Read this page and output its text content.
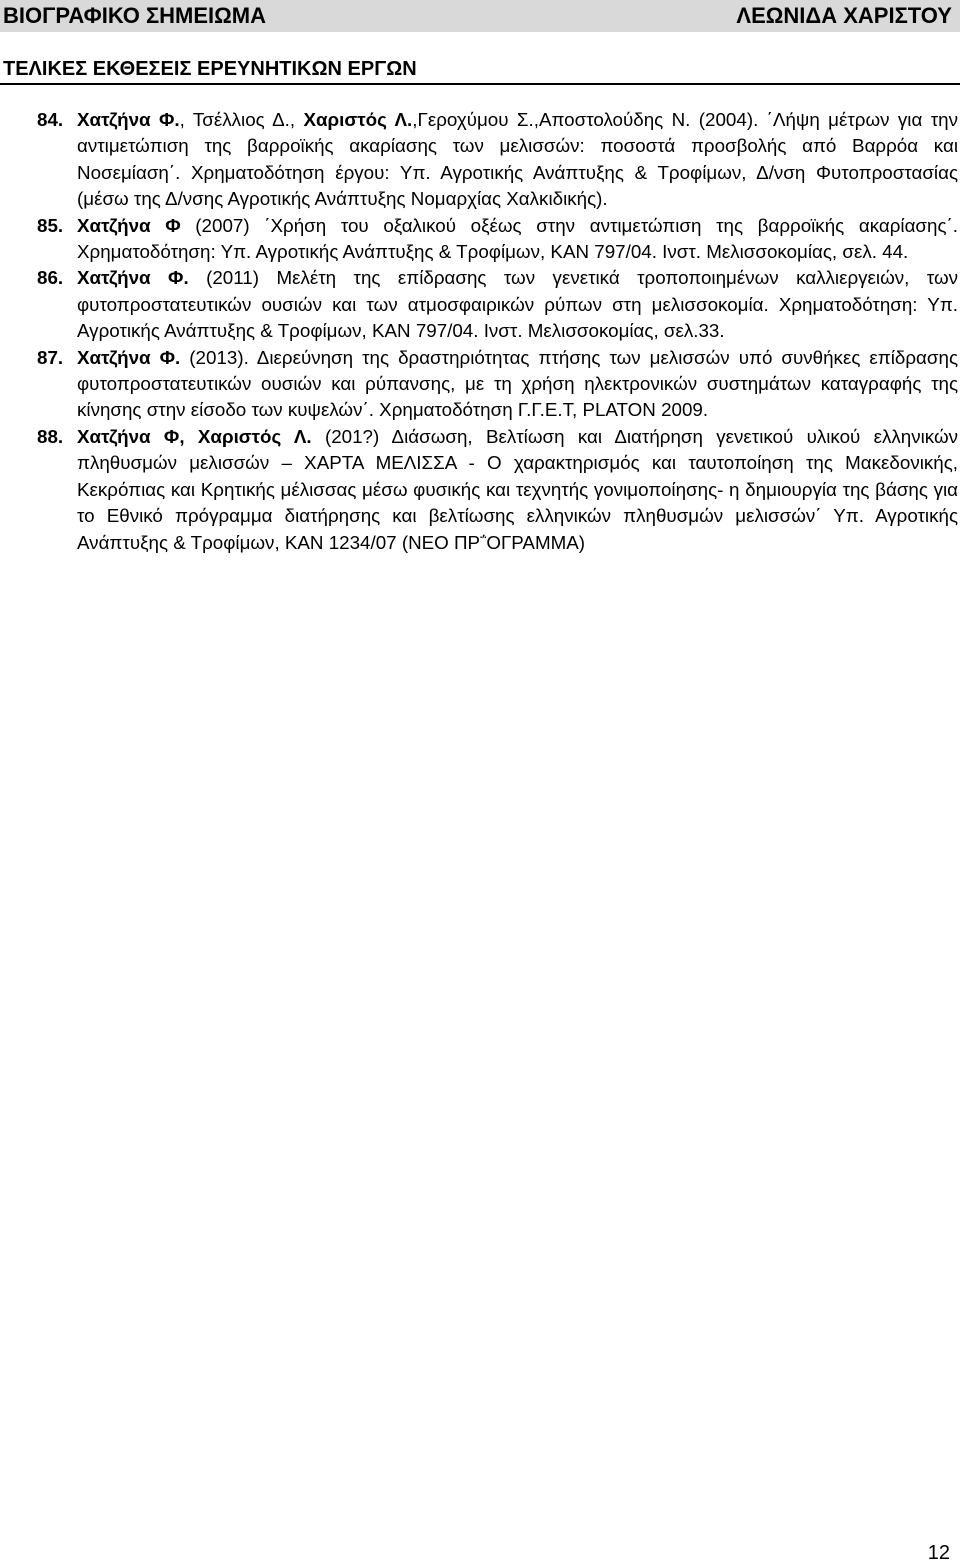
ΒΙΟΓΡΑΦΙΚΟ ΣΗΜΕΙΩΜΑ	ΛΕΩΝΙΔΑ ΧΑΡΙΣΤΟΥ
ΤΕΛΙΚΕΣ ΕΚΘΕΣΕΙΣ ΕΡΕΥΝΗΤΙΚΩΝ ΕΡΓΩΝ
84. Χατζήνα Φ., Τσέλλιος Δ., Χαριστός Λ.,Γεροχύμου Σ.,Αποστολούδης Ν. (2004). ΄Λήψη μέτρων για την αντιμετώπιση της βαρροϊκής ακαρίασης των μελισσών: ποσοστά προσβολής από Βαρρόα και Νοσεμίαση΄. Χρηματοδότηση έργου: Υπ. Αγροτικής Ανάπτυξης & Τροφίμων, Δ/νση Φυτοπροστασίας (μέσω της Δ/νσης Αγροτικής Ανάπτυξης Νομαρχίας Χαλκιδικής).
85. Χατζήνα Φ (2007) ΄Χρήση του οξαλικού οξέως στην αντιμετώπιση της βαρροϊκής ακαρίασης΄. Χρηματοδότηση: Υπ. Αγροτικής Ανάπτυξης & Τροφίμων, ΚΑΝ 797/04. Ινστ. Μελισσοκομίας, σελ. 44.
86. Χατζήνα Φ. (2011) Μελέτη της επίδρασης των γενετικά τροποποιημένων καλλιεργειών, των φυτοπροστατευτικών ουσιών και των ατμοσφαιρικών ρύπων στη μελισσοκομία. Χρηματοδότηση: Υπ. Αγροτικής Ανάπτυξης & Τροφίμων, ΚΑΝ 797/04. Ινστ. Μελισσοκομίας, σελ.33.
87. Χατζήνα Φ. (2013). Διερεύνηση της δραστηριότητας πτήσης των μελισσών υπό συνθήκες επίδρασης φυτοπροστατευτικών ουσιών και ρύπανσης, με τη χρήση ηλεκτρονικών συστημάτων καταγραφής της κίνησης στην είσοδο των κυψελών΄. Χρηματοδότηση Γ.Γ.Ε.Τ, PLATON 2009.
88. Χατζήνα Φ, Χαριστός Λ. (201?) Διάσωση, Βελτίωση και Διατήρηση γενετικού υλικού ελληνικών πληθυσμών μελισσών – ΧΑΡΤΑ ΜΕΛΙΣΣΑ - Ο χαρακτηρισμός και ταυτοποίηση της Μακεδονικής, Κεκρόπιας και Κρητικής μέλισσας μέσω φυσικής και τεχνητής γονιμοποίησης- η δημιουργία της βάσης για το Εθνικό πρόγραμμα διατήρησης και βελτίωσης ελληνικών πληθυσμών μελισσών΄ Υπ. Αγροτικής Ανάπτυξης & Τροφίμων, ΚΑΝ 1234/07 (ΝΕΟ ΠΡ΅ΟΓΡΑΜΜΑ)
12
